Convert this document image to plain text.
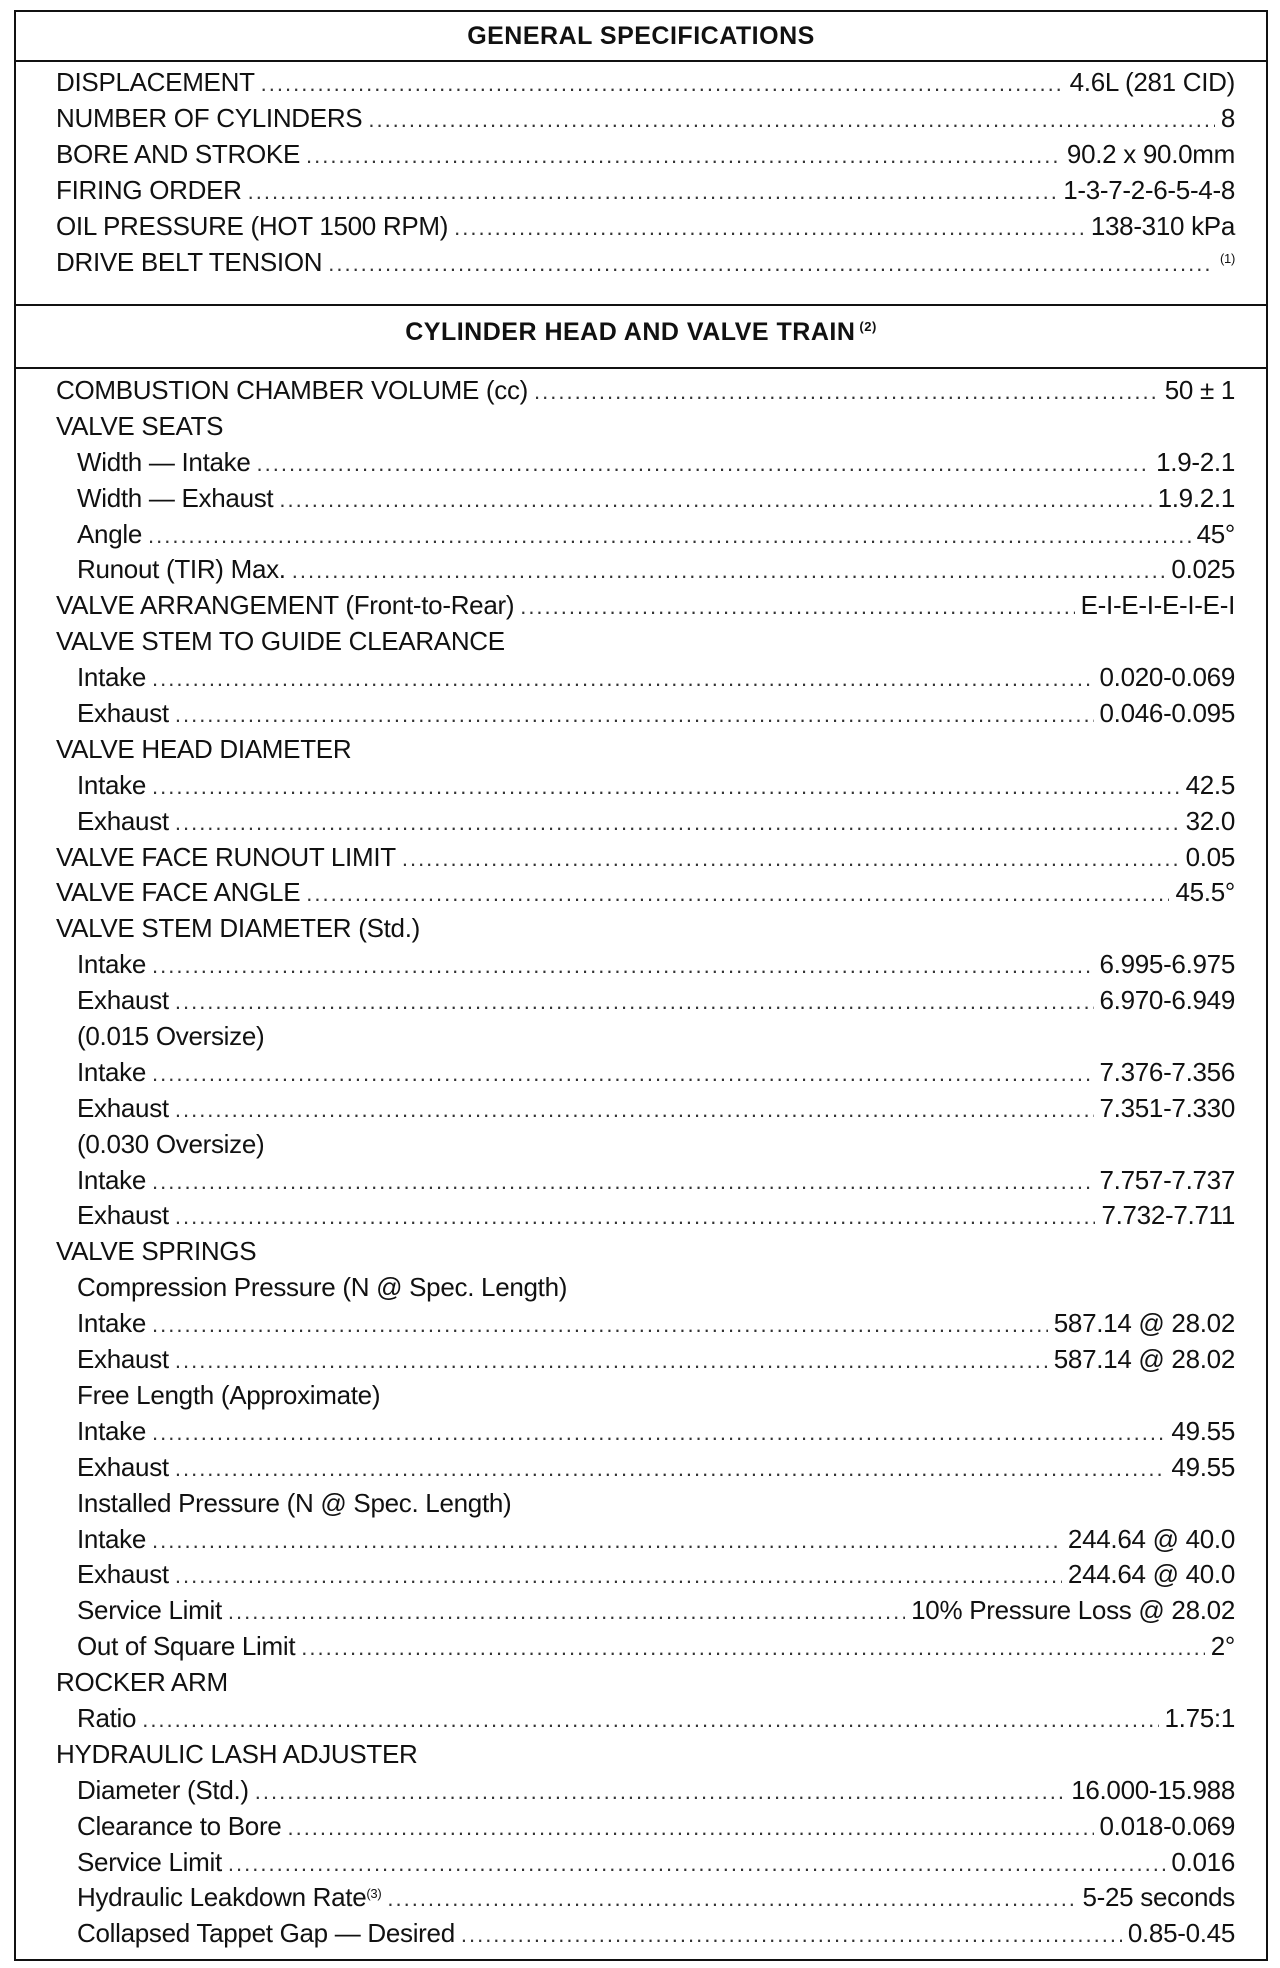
GENERAL SPECIFICATIONS
DISPLACEMENT .....	4.6L (281 CID)
NUMBER OF CYLINDERS .....	8
BORE AND STROKE .....	90.2 x 90.0mm
FIRING ORDER .....	1-3-7-2-6-5-4-8
OIL PRESSURE (HOT 1500 RPM) .....	138-310 kPa
DRIVE BELT TENSION .....	$^{(1)}$
CYLINDER HEAD AND VALVE TRAIN $^{(2)}$
COMBUSTION CHAMBER VOLUME (cc) .....	50 ± 1
VALVE SEATS
Width — Intake .....	1.9-2.1
Width — Exhaust .....	1.9.2.1
Angle .....	45°
Runout (TIR) Max. .....	0.025
VALVE ARRANGEMENT (Front-to-Rear) .....	E-I-E-I-E-I-E-I
VALVE STEM TO GUIDE CLEARANCE
Intake .....	0.020-0.069
Exhaust .....	0.046-0.095
VALVE HEAD DIAMETER
Intake .....	42.5
Exhaust .....	32.0
VALVE FACE RUNOUT LIMIT .....	0.05
VALVE FACE ANGLE .....	45.5°
VALVE STEM DIAMETER (Std.)
Intake .....	6.995-6.975
Exhaust .....	6.970-6.949
(0.015 Oversize)
Intake .....	7.376-7.356
Exhaust .....	7.351-7.330
(0.030 Oversize)
Intake .....	7.757-7.737
Exhaust .....	7.732-7.711
VALVE SPRINGS
Compression Pressure (N @ Spec. Length)
Intake .....	587.14 @ 28.02
Exhaust .....	587.14 @ 28.02
Free Length (Approximate)
Intake .....	49.55
Exhaust .....	49.55
Installed Pressure (N @ Spec. Length)
Intake .....	244.64 @ 40.0
Exhaust .....	244.64 @ 40.0
Service Limit .....	10% Pressure Loss @ 28.02
Out of Square Limit .....	2°
ROCKER ARM
Ratio .....	1.75:1
HYDRAULIC LASH ADJUSTER
Diameter (Std.) .....	16.000-15.988
Clearance to Bore .....	0.018-0.069
Service Limit .....	0.016
Hydraulic Leakdown Rate$^{(3)}$ .....	5-25 seconds
Collapsed Tappet Gap — Desired .....	0.85-0.45
